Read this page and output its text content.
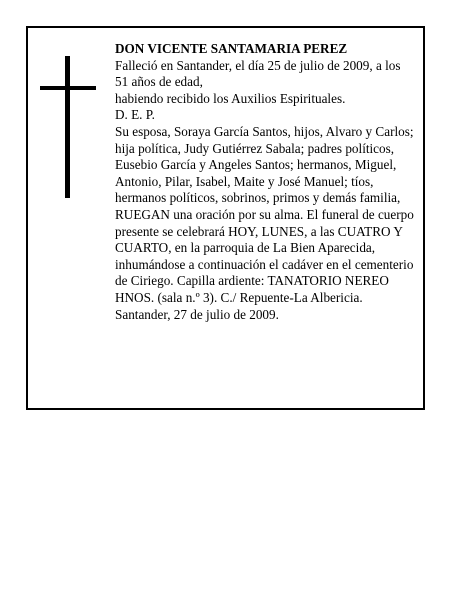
DON VICENTE SANTAMARIA PEREZ

Falleció en Santander, el día 25 de julio de 2009, a los 51 años de edad,

habiendo recibido los Auxilios Espirituales.

D. E. P.

Su esposa, Soraya García Santos, hijos, Alvaro y Carlos; hija política, Judy Gutiérrez Sabala; padres políticos, Eusebio García y Angeles Santos; hermanos, Miguel, Antonio, Pilar, Isabel, Maite y José Manuel; tíos, hermanos políticos, sobrinos, primos y demás familia,

RUEGAN una oración por su alma. El funeral de cuerpo presente se celebrará HOY, LUNES, a las CUATRO Y CUARTO, en la parroquia de La Bien Aparecida, inhumándose a continuación el cadáver en el cementerio de Ciriego. Capilla ardiente: TANATORIO NEREO HNOS. (sala n.º 3). C./ Repuente-La Albericia.

Santander, 27 de julio de 2009.
